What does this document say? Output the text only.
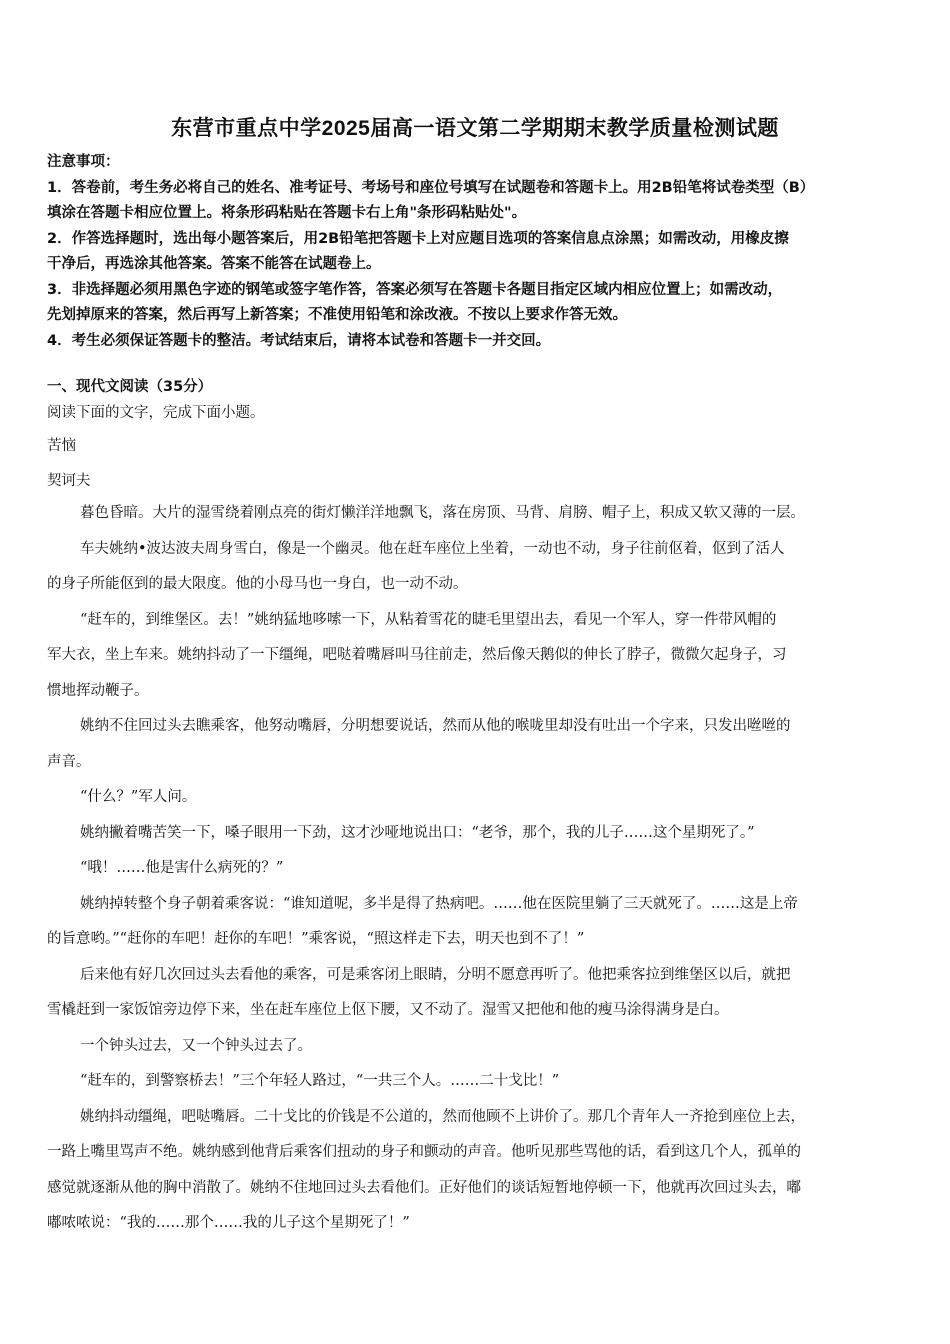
东营市重点中学2025届高一语文第二学期期末教学质量检测试题
注意事项：
1．答卷前，考生务必将自己的姓名、准考证号、考场号和座位号填写在试题卷和答题卡上。用2B铅笔将试卷类型（B）
填涂在答题卡相应位置上。将条形码粘贴在答题卡右上角"条形码粘贴处"。
2．作答选择题时，选出每小题答案后，用2B铅笔把答题卡上对应题目选项的答案信息点涂黑；如需改动，用橡皮擦
干净后，再选涂其他答案。答案不能答在试题卷上。
3．非选择题必须用黑色字迹的钢笔或签字笔作答，答案必须写在答题卡各题目指定区域内相应位置上；如需改动，
先划掉原来的答案，然后再写上新答案；不准使用铅笔和涂改液。不按以上要求作答无效。
4．考生必须保证答题卡的整洁。考试结束后，请将本试卷和答题卡一并交回。
一、现代文阅读（35分）
阅读下面的文字，完成下面小题。
苦恼
契诃夫
暮色昏暗。大片的湿雪绕着刚点亮的街灯懒洋洋地飘飞，落在房顶、马背、肩膀、帽子上，积成又软又薄的一层。
车夫姚纳•波达波夫周身雪白，像是一个幽灵。他在赶车座位上坐着，一动也不动，身子往前伛着，伛到了活人
的身子所能伛到的最大限度。他的小母马也一身白，也一动不动。
“赶车的，到维堡区。去！”姚纳猛地哆嗦一下，从粘着雪花的睫毛里望出去，看见一个军人，穿一件带风帽的
军大衣，坐上车来。姚纳抖动了一下缰绳，吧哒着嘴唇叫马往前走，然后像天鹅似的伸长了脖子，微微欠起身子，习
惯地挥动鞭子。
姚纳不住回过头去瞧乘客，他努动嘴唇，分明想要说话，然而从他的喉咙里却没有吐出一个字来，只发出咝咝的
声音。
“什么？”军人问。
姚纳撇着嘴苦笑一下，嗓子眼用一下劲，这才沙哑地说出口：“老爷，那个，我的儿子……这个星期死了。”
“哦！……他是害什么病死的？”
姚纳掉转整个身子朝着乘客说：“谁知道呢，多半是得了热病吧。……他在医院里躺了三天就死了。……这是上帝
的旨意哟。”“赶你的车吧！赶你的车吧！”乘客说，“照这样走下去，明天也到不了！”
后来他有好几次回过头去看他的乘客，可是乘客闭上眼睛，分明不愿意再听了。他把乘客拉到维堡区以后，就把
雪橇赶到一家饭馆旁边停下来，坐在赶车座位上伛下腰，又不动了。湿雪又把他和他的瘦马涂得满身是白。
一个钟头过去，又一个钟头过去了。
“赶车的，到警察桥去！”三个年轻人路过，“一共三个人。……二十戈比！”
姚纳抖动缰绳，吧哒嘴唇。二十戈比的价钱是不公道的，然而他顾不上讲价了。那几个青年人一齐抢到座位上去，
一路上嘴里骂声不绝。姚纳感到他背后乘客们扭动的身子和颤动的声音。他听见那些骂他的话，看到这几个人，孤单的
感觉就逐渐从他的胸中消散了。姚纳不住地回过头去看他们。正好他们的谈话短暂地停顿一下，他就再次回过头去，嘟
嘟哝哝说：“我的……那个……我的儿子这个星期死了！”
